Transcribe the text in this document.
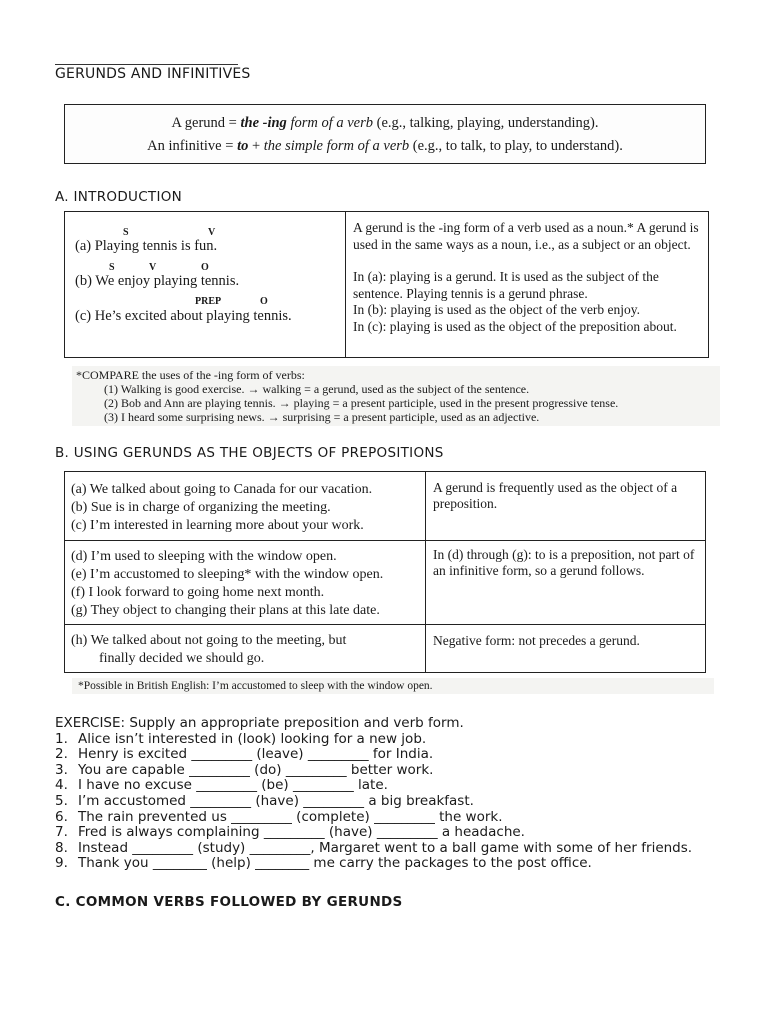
GERUNDS AND INFINITIVES
A gerund = the -ing form of a verb (e.g., talking, playing, understanding).
An infinitive = to + the simple form of a verb (e.g., to talk, to play, to understand).
A. INTRODUCTION
S	V
(a) Playing tennis is fun.
S	V	O
(b) We enjoy playing tennis.
PREP	O
(c) He’s excited about playing tennis.
A gerund is the -ing form of a verb used as a noun.* A gerund is used in the same ways as a noun, i.e., as a subject or an object.
In (a): playing is a gerund. It is used as the subject of the sentence. Playing tennis is a gerund phrase.
In (b): playing is used as the object of the verb enjoy.
In (c): playing is used as the object of the preposition about.
*COMPARE the uses of the -ing form of verbs:
(1) Walking is good exercise. → walking = a gerund, used as the subject of the sentence.
(2) Bob and Ann are playing tennis. → playing = a present participle, used in the present progressive tense.
(3) I heard some surprising news. → surprising = a present participle, used as an adjective.
B. USING GERUNDS AS THE OBJECTS OF PREPOSITIONS
(a) We talked about going to Canada for our vacation.
(b) Sue is in charge of organizing the meeting.
(c) I’m interested in learning more about your work.
A gerund is frequently used as the object of a preposition.
(d) I’m used to sleeping with the window open.
(e) I’m accustomed to sleeping* with the window open.
(f) I look forward to going home next month.
(g) They object to changing their plans at this late date.
In (d) through (g): to is a preposition, not part of an infinitive form, so a gerund follows.
(h) We talked about not going to the meeting, but
finally decided we should go.
Negative form: not precedes a gerund.
*Possible in British English: I’m accustomed to sleep with the window open.
EXERCISE: Supply an appropriate preposition and verb form.
1. Alice isn’t interested in (look) looking for a new job.
2. Henry is excited _________ (leave) _________ for India.
3. You are capable _________ (do) _________ better work.
4. I have no excuse _________ (be) _________ late.
5. I’m accustomed _________ (have) _________ a big breakfast.
6. The rain prevented us _________ (complete) _________ the work.
7. Fred is always complaining _________ (have) _________ a headache.
8. Instead _________ (study) _________, Margaret went to a ball game with some of her friends.
9. Thank you ________ (help) ________ me carry the packages to the post office.
C. COMMON VERBS FOLLOWED BY GERUNDS
